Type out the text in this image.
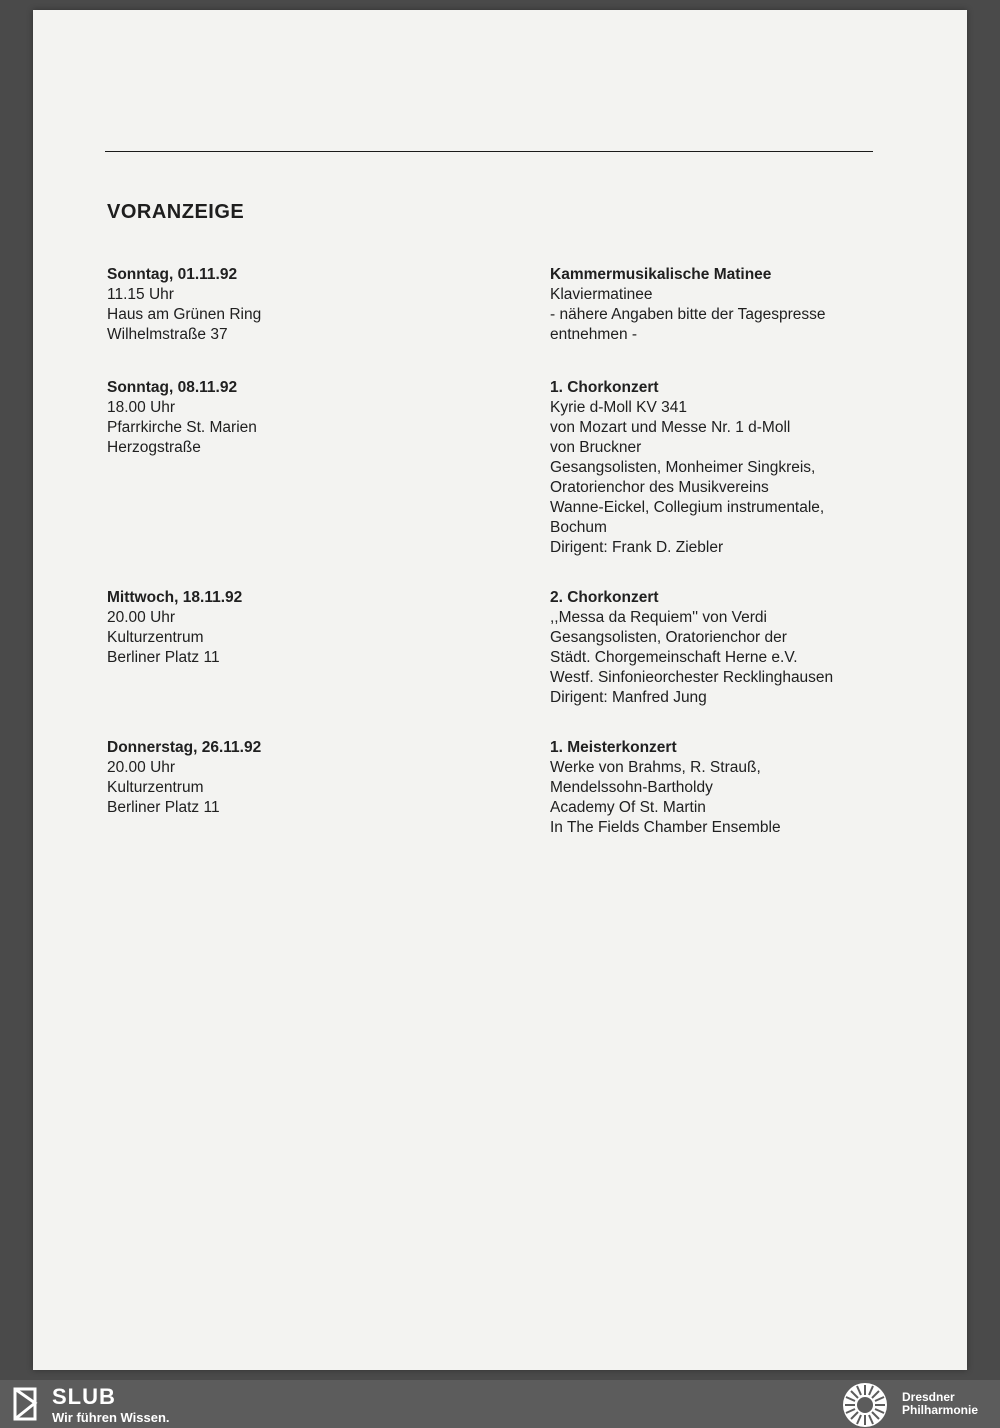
VORANZEIGE
Sonntag, 01.11.92
11.15 Uhr
Haus am Grünen Ring
Wilhelmstraße 37
Kammermusikalische Matinee
Klaviermatinee
- nähere Angaben bitte der Tagespresse
entnehmen -
Sonntag, 08.11.92
18.00 Uhr
Pfarrkirche St. Marien
Herzogstraße
1. Chorkonzert
Kyrie d-Moll KV 341
von Mozart und Messe Nr. 1 d-Moll
von Bruckner
Gesangsolisten, Monheimer Singkreis,
Oratorienchor des Musikvereins
Wanne-Eickel, Collegium instrumentale,
Bochum
Dirigent: Frank D. Ziebler
Mittwoch, 18.11.92
20.00 Uhr
Kulturzentrum
Berliner Platz 11
2. Chorkonzert
,,Messa da Requiem'' von Verdi
Gesangsolisten, Oratorienchor der
Städt. Chorgemeinschaft Herne e.V.
Westf. Sinfonieorchester Recklinghausen
Dirigent: Manfred Jung
Donnerstag, 26.11.92
20.00 Uhr
Kulturzentrum
Berliner Platz 11
1. Meisterkonzert
Werke von Brahms, R. Strauß,
Mendelssohn-Bartholdy
Academy Of St. Martin
In The Fields Chamber Ensemble
SLUB
Wir führen Wissen.
Dresdner
Philharmonie
